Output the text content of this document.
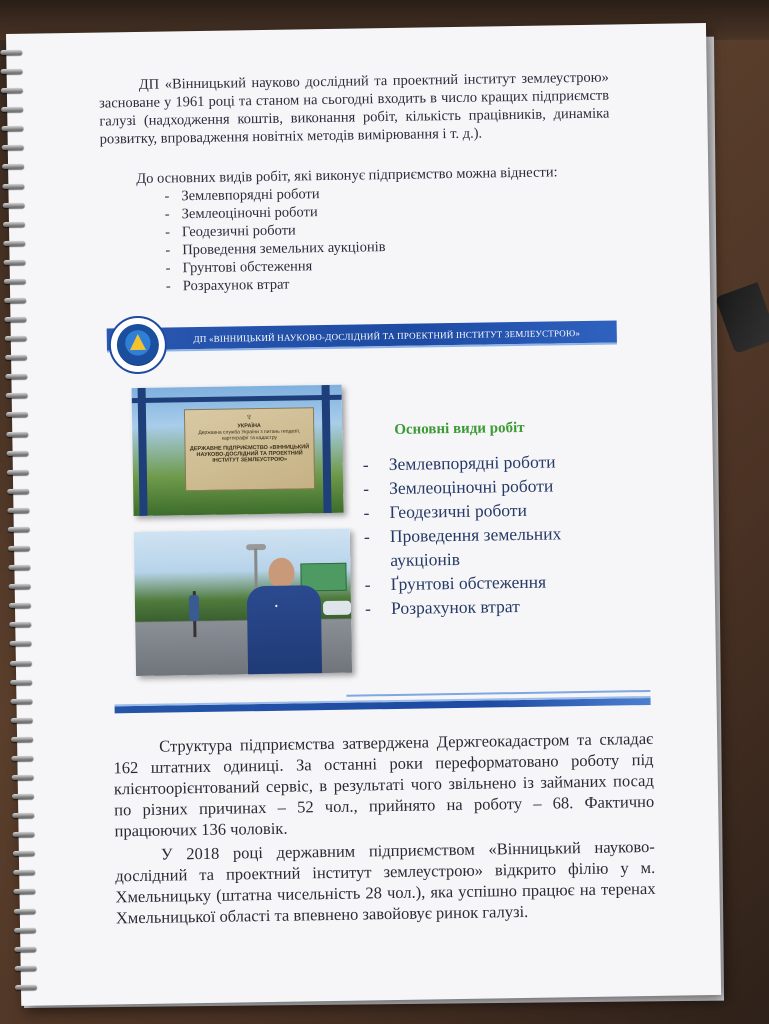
ДП «Вінницький науково дослідний та проектний інститут землеустрою» засноване у 1961 році та станом на сьогодні входить в число кращих підприємств галузі (надходження коштів, виконання робіт, кількість працівників, динаміка розвитку, впровадження новітніх методів вимірювання і т. д.).

До основних видів робіт, які виконує підприємство можна віднести:

- Землевпорядні роботи
- Землеоціночні роботи
- Геодезичні роботи
- Проведення земельних аукціонів
- Грунтові обстеження
- Розрахунок втрат
ДП «ВІННИЦЬКИЙ НАУКОВО-ДОСЛІДНИЙ ТА ПРОЕКТНИЙ ІНСТИТУТ ЗЕМЛЕУСТРОЮ»
♆
УКРАЇНА
Державна служба України з питань геодезії, картографії та кадастру
ДЕРЖАВНЕ ПІДПРИЄМСТВО «ВІННИЦЬКИЙ НАУКОВО-ДОСЛІДНИЙ ТА ПРОЕКТНИЙ ІНСТИТУТ ЗЕМЛЕУСТРОЮ»
◆
Основні види робіт
- Землевпорядні роботи
- Землеоціночні роботи
- Геодезичні роботи
- Проведення земельних аукціонів
- Ґрунтові обстеження
- Розрахунок втрат

Структура підприємства затверджена Держгеокадастром та складає 162 штатних одиниці. За останні роки переформатовано роботу під клієнтоорієнтований сервіс, в результаті чого звільнено із займаних посад по різних причинах – 52 чол., прийнято на роботу – 68. Фактично працюючих 136 чоловік.

У 2018 році державним підприємством «Вінницький науково-дослідний та проектний інститут землеустрою» відкрито філію у м. Хмельницьку (штатна чисельність 28 чол.), яка успішно працює на теренах Хмельницької області та впевнено завойовує ринок галузі.
